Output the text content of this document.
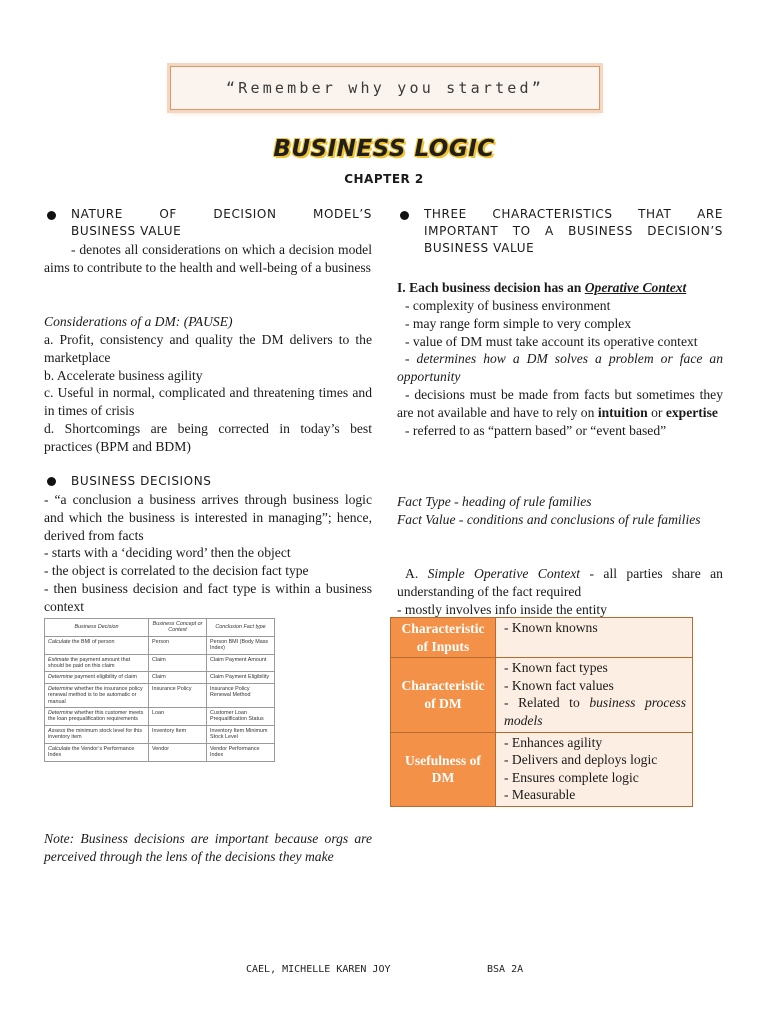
“Remember why you started”
BUSINESS LOGIC
CHAPTER 2
NATURE OF DECISION MODEL’S
BUSINESS VALUE
- denotes all considerations on which a decision model aims to contribute to the health and well-being of a business
Considerations of a DM: (PAUSE)
a. Profit, consistency and quality the DM delivers to the marketplace
b. Accelerate business agility
c. Useful in normal, complicated and threatening times and in times of crisis
d. Shortcomings are being corrected in today’s best practices (BPM and BDM)
BUSINESS DECISIONS
- “a conclusion a business arrives through business logic and which the business is interested in managing”; hence, derived from facts
- starts with a ‘deciding word’ then the object
- the object is correlated to the decision fact type
- then business decision and fact type is within a business context
Business Decision	Business Concept or Context	Conclusion Fact type
Calculate the BMI of person	Person	Person BMI (Body Mass Index)
Estimate the payment amount that should be paid on this claim	Claim	Claim Payment Amount
Determine payment eligibility of claim	Claim	Claim Payment Eligibility
Determine whether the insurance policy renewal method is to be automatic or manual	Insurance Policy	Insurance Policy Renewal Method
Determine whether this customer meets the loan prequalification requirements	Loan	Customer Loan Prequalification Status
Assess the minimum stock level for this inventory item	Inventory Item	Inventory Item Minimum Stock Level
Calculate the Vendor’s Performance Index	Vendor	Vendor Performance Index
Note: Business decisions are important because orgs are perceived through the lens of the decisions they make
THREE CHARACTERISTICS THAT ARE
IMPORTANT TO A BUSINESS DECISION’S
BUSINESS VALUE
I. Each business decision has an Operative Context
- complexity of business environment
- may range form simple to very complex
- value of DM must take account its operative context
- determines how a DM solves a problem or face an opportunity
- decisions must be made from facts but sometimes they are not available and have to rely on intuition or expertise
- referred to as “pattern based” or “event based”
Fact Type - heading of rule families
Fact Value - conditions and conclusions of rule families
A. Simple Operative Context - all parties share an understanding of the fact required
- mostly involves info inside the entity
Characteristic of Inputs	- Known knowns

Characteristic of DM	- Known fact types
- Known fact values
- Related to business process models

Usefulness of DM	- Enhances agility
- Delivers and deploys logic
- Ensures complete logic
- Measurable
CAEL, MICHELLE KAREN JOY	BSA 2A
